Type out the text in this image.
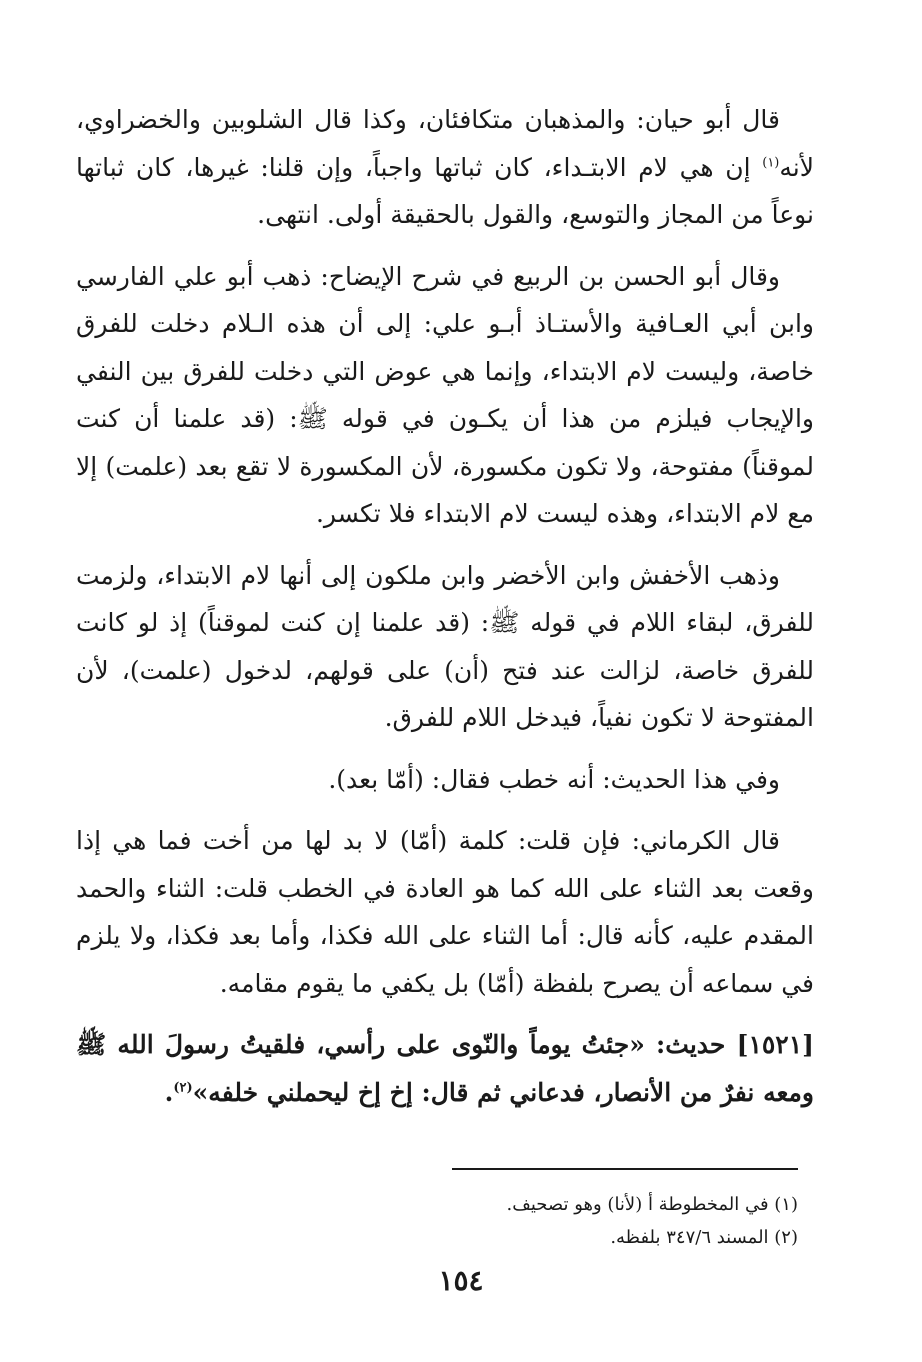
قال أبو حيان: والمذهبان متكافئان، وكذا قال الشلوبين والخضراوي، لأنه$^{(١)}$ إن هي لام الابتـداء، كان ثباتها واجباً، وإن قلنا: غيرها، كان ثباتها نوعاً من المجاز والتوسع، والقول بالحقيقة أولى. انتهى.

وقال أبو الحسن بن الربيع في شرح الإيضاح: ذهب أبو علي الفارسي وابن أبي العـافية والأستـاذ أبـو علي: إلى أن هذه الـلام دخلت للفرق خاصة، وليست لام الابتداء، وإنما هي عوض التي دخلت للفرق بين النفي والإيجاب فيلزم من هذا أن يكـون في قوله ﷺ: (قد علمنا أن كنت لموقناً) مفتوحة، ولا تكون مكسورة، لأن المكسورة لا تقع بعد (علمت) إلا مع لام الابتداء، وهذه ليست لام الابتداء فلا تكسر.

وذهب الأخفش وابن الأخضر وابن ملكون إلى أنها لام الابتداء، ولزمت للفرق، لبقاء اللام في قوله ﷺ: (قد علمنا إن كنت لموقناً) إذ لو كانت للفرق خاصة، لزالت عند فتح (أن) على قولهم، لدخول (علمت)، لأن المفتوحة لا تكون نفياً، فيدخل اللام للفرق.

وفي هذا الحديث: أنه خطب فقال: (أمّا بعد).

قال الكرماني: فإن قلت: كلمة (أمّا) لا بد لها من أخت فما هي إذا وقعت بعد الثناء على الله كما هو العادة في الخطب قلت: الثناء والحمد المقدم عليه، كأنه قال: أما الثناء على الله فكذا، وأما بعد فكذا، ولا يلزم في سماعه أن يصرح بلفظة (أمّا) بل يكفي ما يقوم مقامه.

[١٥٢١] حديث: «جئتُ يوماً والنّوى على رأسي، فلقيتُ رسولَ الله ﷺ ومعه نفرٌ من الأنصار، فدعاني ثم قال: إخ إخ ليحملني خلفه»$^{(٢)}$.

(١) في المخطوطة أ (لأنا) وهو تصحيف.
(٢) المسند ٣٤٧/٦ بلفظه.
١٥٤
